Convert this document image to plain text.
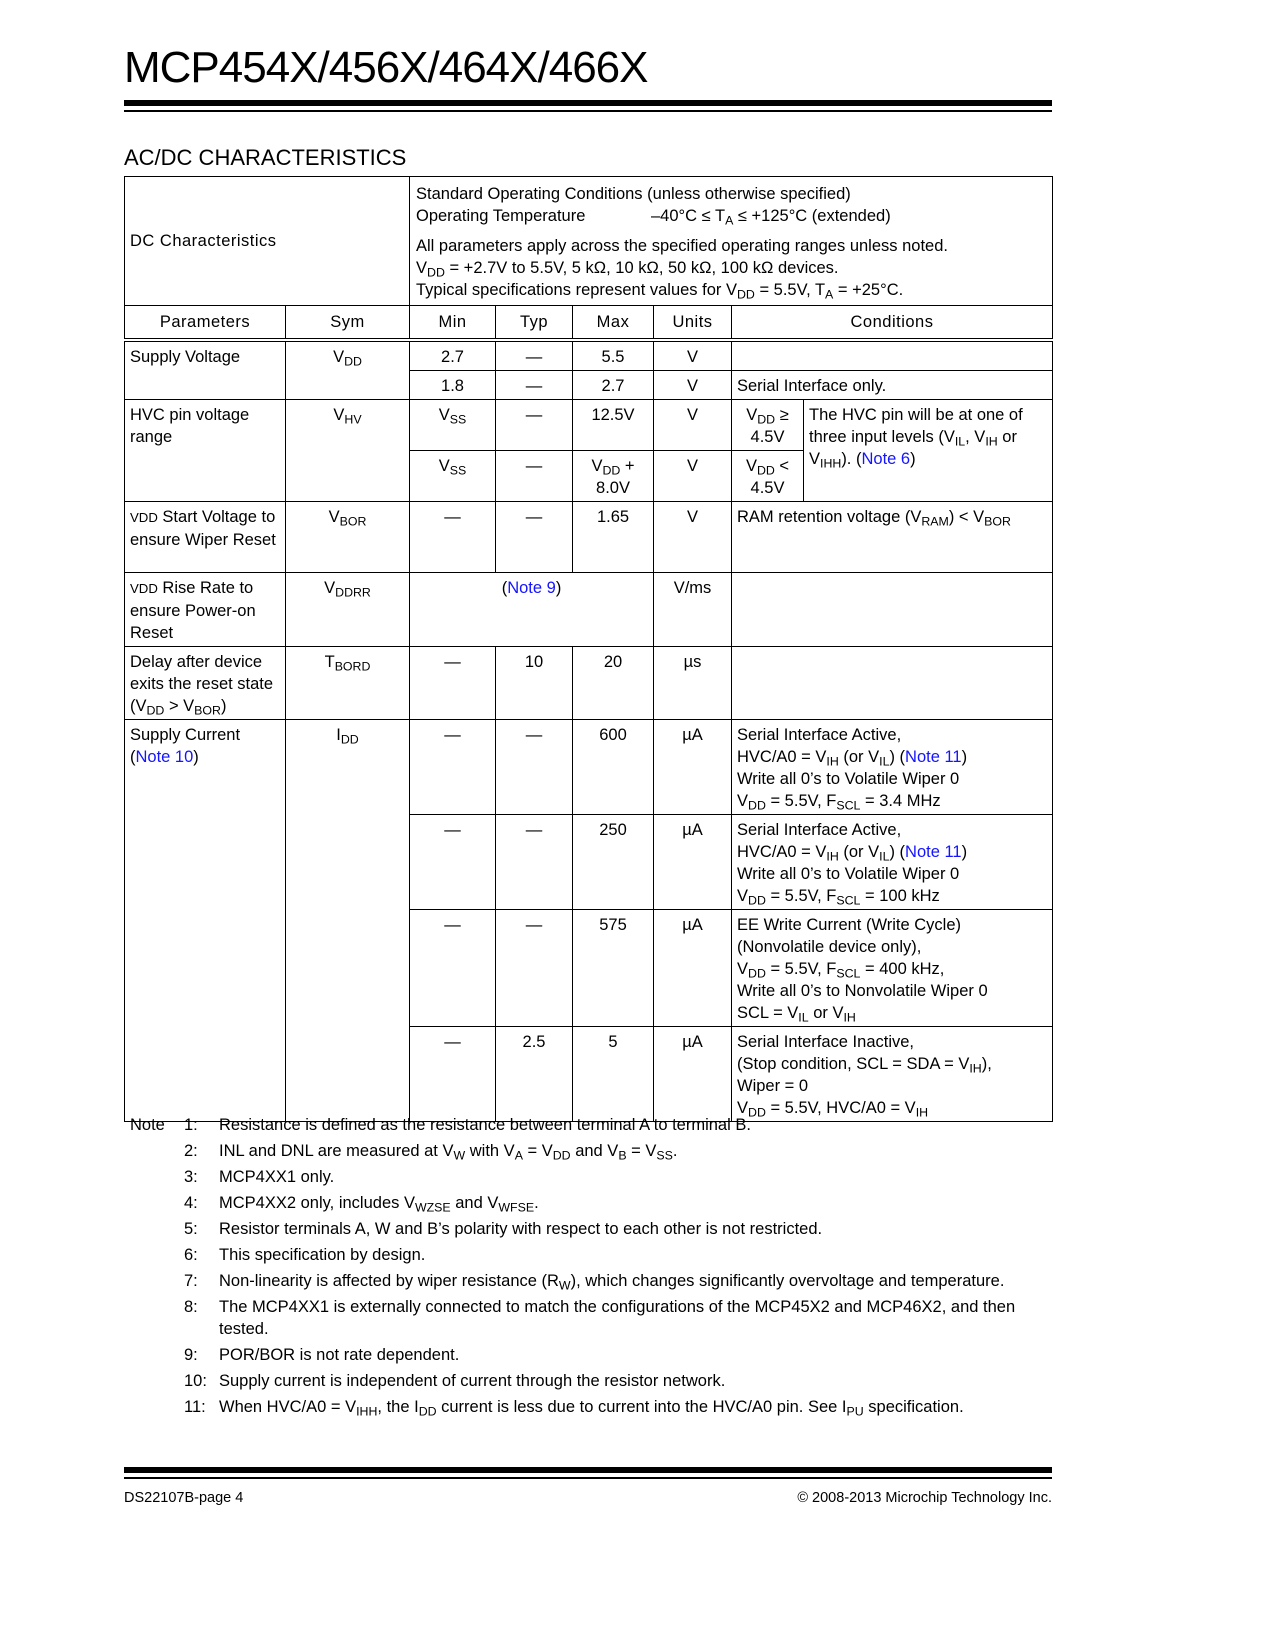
MCP454X/456X/464X/466X
AC/DC CHARACTERISTICS
DC Characteristics		Standard Operating Conditions (unless otherwise specified)

Operating Temperature $-40^\circ C \le T_A \le +125^\circ C$ (extended)

All parameters apply across the specified operating ranges unless noted.

$V_{DD} = +2.7V$ to 5.5V, 5 kΩ, 10 kΩ, 50 kΩ, 100 kΩ devices.

Typical specifications represent values for $V_{DD} = 5.5V$, $T_A = +25^\circ C$.					

Parameters	Sym	Min	Typ	Max	Units	Conditions	
Supply Voltage	$V_{DD}$	2.7	—	5.5	V		
		1.8	—	2.7	V	Serial Interface only.	
HVC pin voltage range	$V_{HV}$	$V_{SS}$	—	12.5V	V	$V_{DD} \ge 4.5V$	The HVC pin will be at one of three input levels ($V_{IL}$, $V_{IH}$ or $V_{IHH}$). (Note 6)
		$V_{SS}$	—	$V_{DD} + 8.0V$	V	$V_{DD} < 4.5V$	
VDD Start Voltage to ensure Wiper Reset	$V_{BOR}$	—	—	1.65	V	RAM retention voltage $(V_{RAM}) < V_{BOR}$
VDD Rise Rate to ensure Power-on Reset	$V_{DDRR}$	(Note 9)			V/ms		
Delay after device exits the reset state $(V_{DD} > V_{BOR})$	$T_{BORD}$	—	10	20	µs		
Supply Current
(Note 10)	$I_{DD}$	—	—	600	µA	Serial Interface Active,
$HVC/A0 = V_{IH}$ (or $V_{IL}$) (Note 11)
Write all 0’s to Volatile Wiper 0
$V_{DD} = 5.5V$, $F_{SCL} = 3.4$ MHz

		—	—	250	µA	Serial Interface Active,
$HVC/A0 = V_{IH}$ (or $V_{IL}$) (Note 11)
Write all 0’s to Volatile Wiper 0
$V_{DD} = 5.5V$, $F_{SCL} = 100$ kHz	

		—	—	575	µA	EE Write Current (Write Cycle)
(Nonvolatile device only),
$V_{DD} = 5.5V$, $F_{SCL} = 400$ kHz,
Write all 0’s to Nonvolatile Wiper 0
SCL = $V_{IL}$ or $V_{IH}$

		—	2.5	5	µA	Serial Interface Inactive,
(Stop condition, SCL = SDA = $V_{IH}$),
Wiper = 0
$V_{DD} = 5.5V$, $HVC/A0 = V_{IH}$
Note	1:	Resistance is defined as the resistance between terminal A to terminal B.
2:	INL and DNL are measured at $V_W$ with $V_A = V_{DD}$ and $V_B = V_{SS}$.
3:	MCP4XX1 only.
4:	MCP4XX2 only, includes $V_{WZSE}$ and $V_{WFSE}$.
5:	Resistor terminals A, W and B’s polarity with respect to each other is not restricted.
6:	This specification by design.
7:	Non-linearity is affected by wiper resistance $(R_W)$, which changes significantly overvoltage and temperature.
8:	The MCP4XX1 is externally connected to match the configurations of the MCP45X2 and MCP46X2, and then tested.
9:	POR/BOR is not rate dependent.
10: Supply current is independent of current through the resistor network.
11: When $HVC/A0 = V_{IHH}$, the $I_{DD}$ current is less due to current into the HVC/A0 pin. See $I_{PU}$ specification.
DS22107B-page 4	© 2008-2013 Microchip Technology Inc.
